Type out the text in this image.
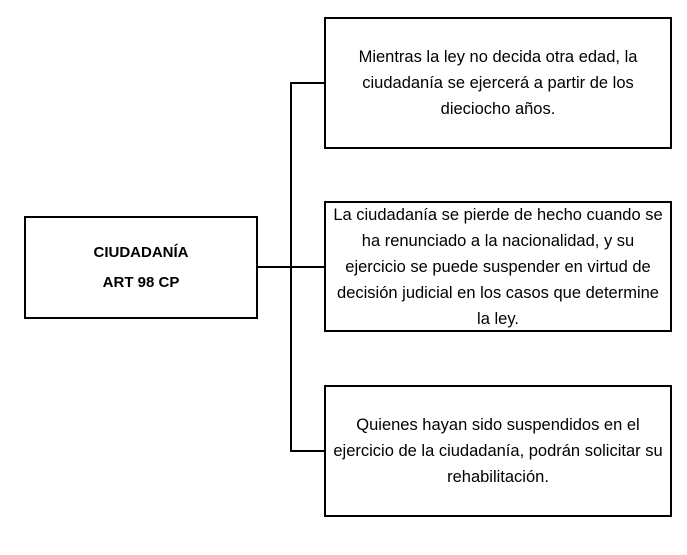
CIUDADANÍA
ART 98 CP
Mientras la ley no decida otra edad, la ciudadanía se ejercerá a partir de los dieciocho años.
La ciudadanía se pierde de hecho cuando se ha renunciado a la nacionalidad, y su ejercicio se puede suspender en virtud de decisión judicial en los casos que determine la ley.
Quienes hayan sido suspendidos en el ejercicio de la ciudadanía, podrán solicitar su rehabilitación.
